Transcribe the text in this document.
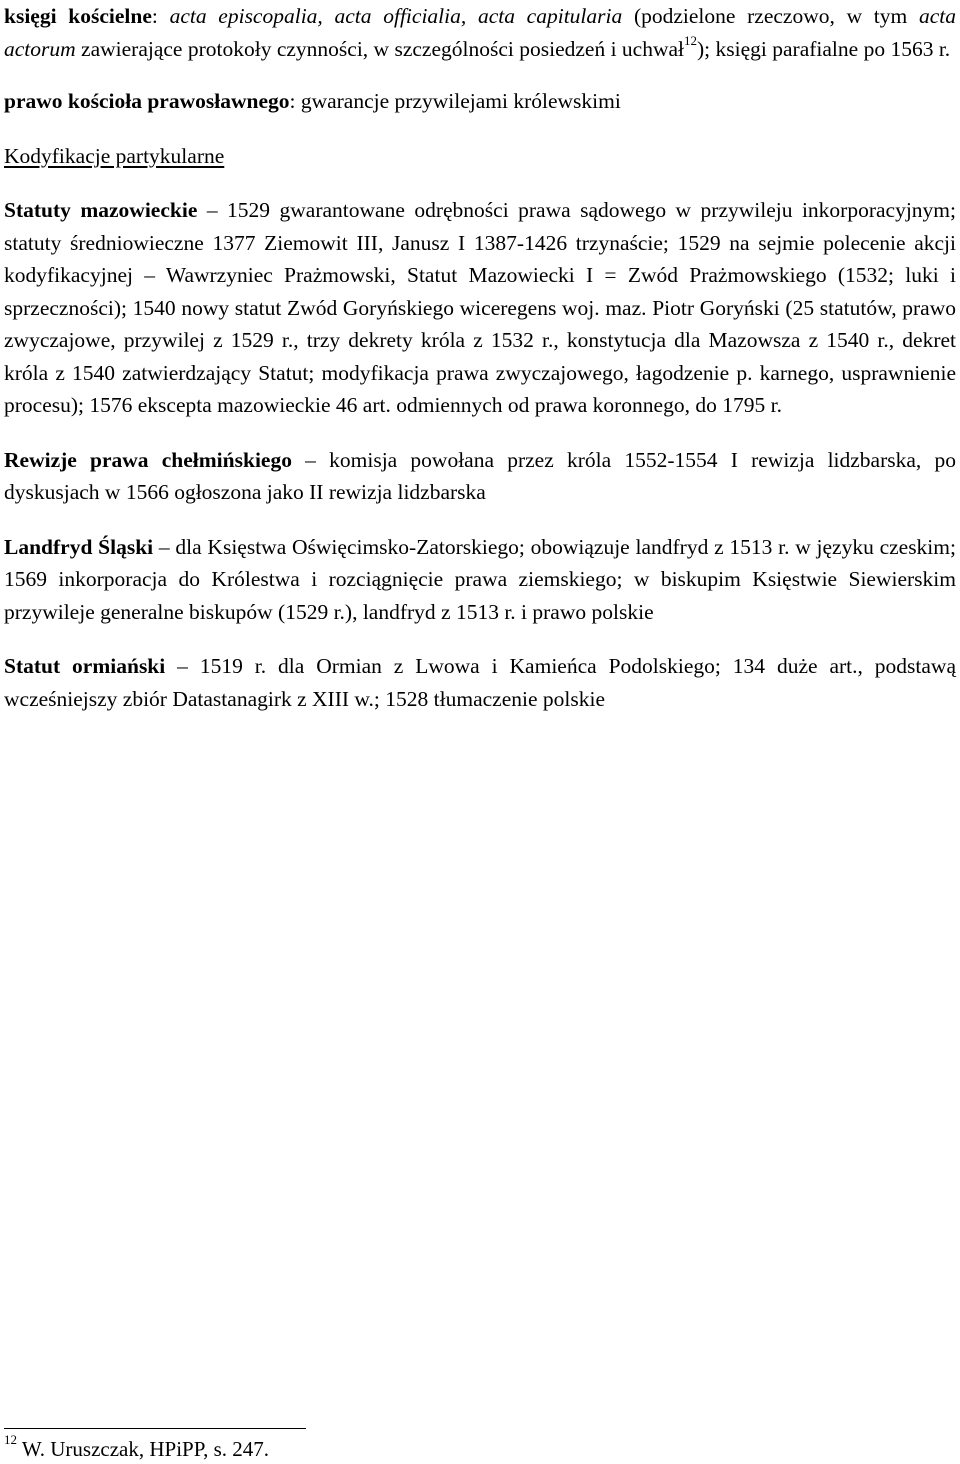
księgi kościelne: acta episcopalia, acta officialia, acta capitularia (podzielone rzeczowo, w tym acta actorum zawierające protokoły czynności, w szczególności posiedzeń i uchwał$^{12}$); księgi parafialne po 1563 r.

prawo kościoła prawosławnego: gwarancje przywilejami królewskimi

Kodyfikacje partykularne

Statuty mazowieckie – 1529 gwarantowane odrębności prawa sądowego w przywileju inkorporacyjnym; statuty średniowieczne 1377 Ziemowit III, Janusz I 1387-1426 trzynaście; 1529 na sejmie polecenie akcji kodyfikacyjnej – Wawrzyniec Prażmowski, Statut Mazowiecki I = Zwód Prażmowskiego (1532; luki i sprzeczności); 1540 nowy statut Zwód Goryńskiego wiceregens woj. maz. Piotr Goryński (25 statutów, prawo zwyczajowe, przywilej z 1529 r., trzy dekrety króla z 1532 r., konstytucja dla Mazowsza z 1540 r., dekret króla z 1540 zatwierdzający Statut; modyfikacja prawa zwyczajowego, łagodzenie p. karnego, usprawnienie procesu); 1576 ekscepta mazowieckie 46 art. odmiennych od prawa koronnego, do 1795 r.

Rewizje prawa chełmińskiego – komisja powołana przez króla 1552-1554 I rewizja lidzbarska, po dyskusjach w 1566 ogłoszona jako II rewizja lidzbarska

Landfryd Śląski – dla Księstwa Oświęcimsko-Zatorskiego; obowiązuje landfryd z 1513 r. w języku czeskim; 1569 inkorporacja do Królestwa i rozciągnięcie prawa ziemskiego; w biskupim Księstwie Siewierskim przywileje generalne biskupów (1529 r.), landfryd z 1513 r. i prawo polskie

Statut ormiański – 1519 r. dla Ormian z Lwowa i Kamieńca Podolskiego; 134 duże art., podstawą wcześniejszy zbiór Datastanagirk z XIII w.; 1528 tłumaczenie polskie

$^{12}$ W. Uruszczak, HPiPP, s. 247.
